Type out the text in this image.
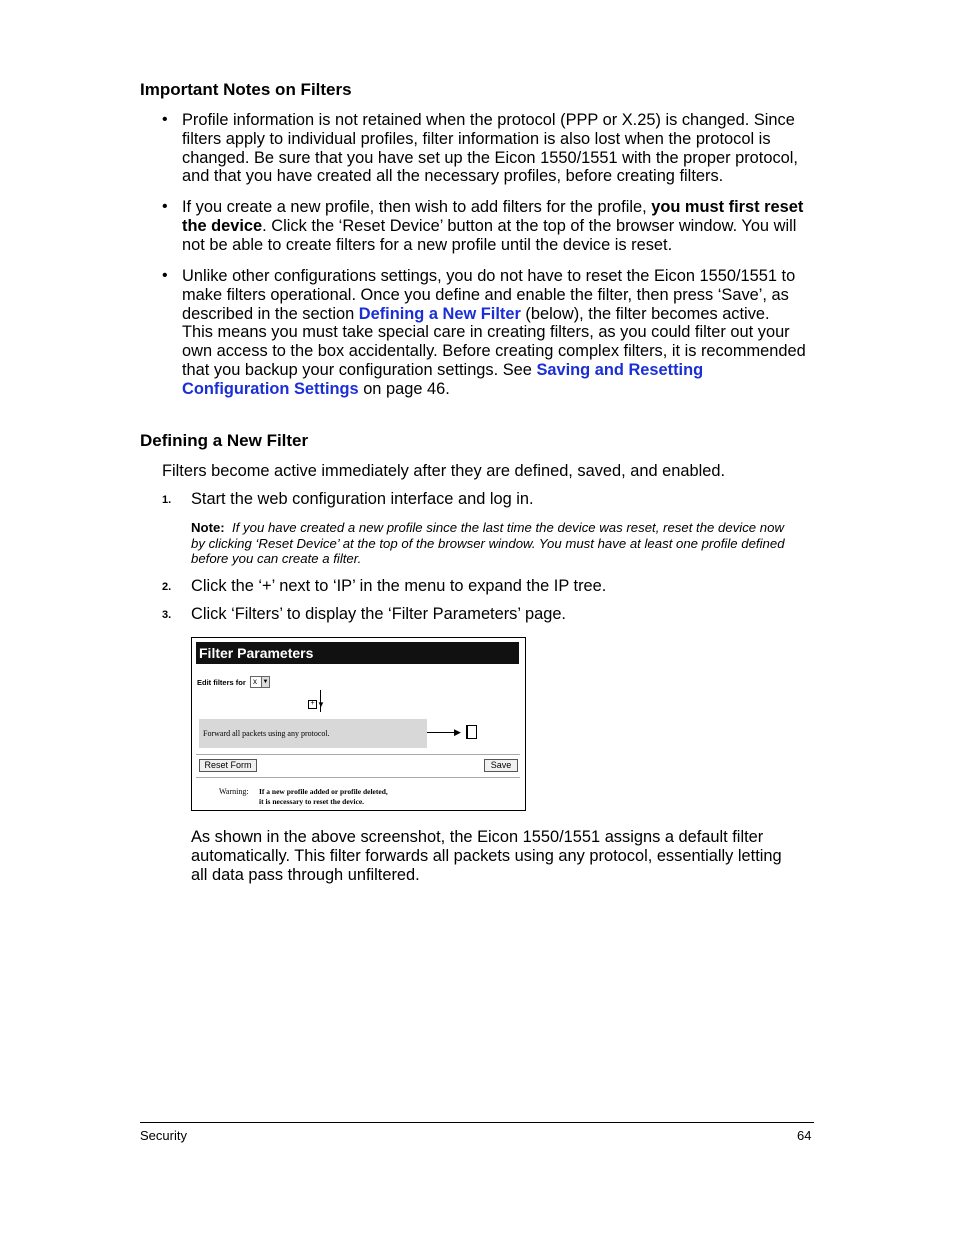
Important Notes on Filters
• Profile information is not retained when the protocol (PPP or X.25) is changed. Since
filters apply to individual profiles, filter information is also lost when the protocol is
changed. Be sure that you have set up the Eicon 1550/1551 with the proper protocol,
and that you have created all the necessary profiles, before creating filters.
• If you create a new profile, then wish to add filters for the profile, you must first reset
the device. Click the ‘Reset Device’ button at the top of the browser window. You will
not be able to create filters for a new profile until the device is reset.
• Unlike other configurations settings, you do not have to reset the Eicon 1550/1551 to
make filters operational. Once you define and enable the filter, then press ‘Save’, as
described in the section Defining a New Filter (below), the filter becomes active.
This means you must take special care in creating filters, as you could filter out your
own access to the box accidentally. Before creating complex filters, it is recommended
that you backup your configuration settings. See Saving and Resetting
Configuration Settings on page 46.
Defining a New Filter
Filters become active immediately after they are defined, saved, and enabled.
1. Start the web configuration interface and log in.
Note: If you have created a new profile since the last time the device was reset, reset the device now
by clicking ‘Reset Device’ at the top of the browser window. You must have at least one profile defined
before you can create a filter.
2. Click the ‘+’ next to ‘IP’ in the menu to expand the IP tree.
3. Click ‘Filters’ to display the ‘Filter Parameters’ page.
Filter Parameters
Edit filters for x ▼
+ ▼
Forward all packets using any protocol.	▶
Reset Form	Save
Warning: If a new profile added or profile deleted,
it is necessary to reset the device.
As shown in the above screenshot, the Eicon 1550/1551 assigns a default filter
automatically. This filter forwards all packets using any protocol, essentially letting
all data pass through unfiltered.
Security	64
